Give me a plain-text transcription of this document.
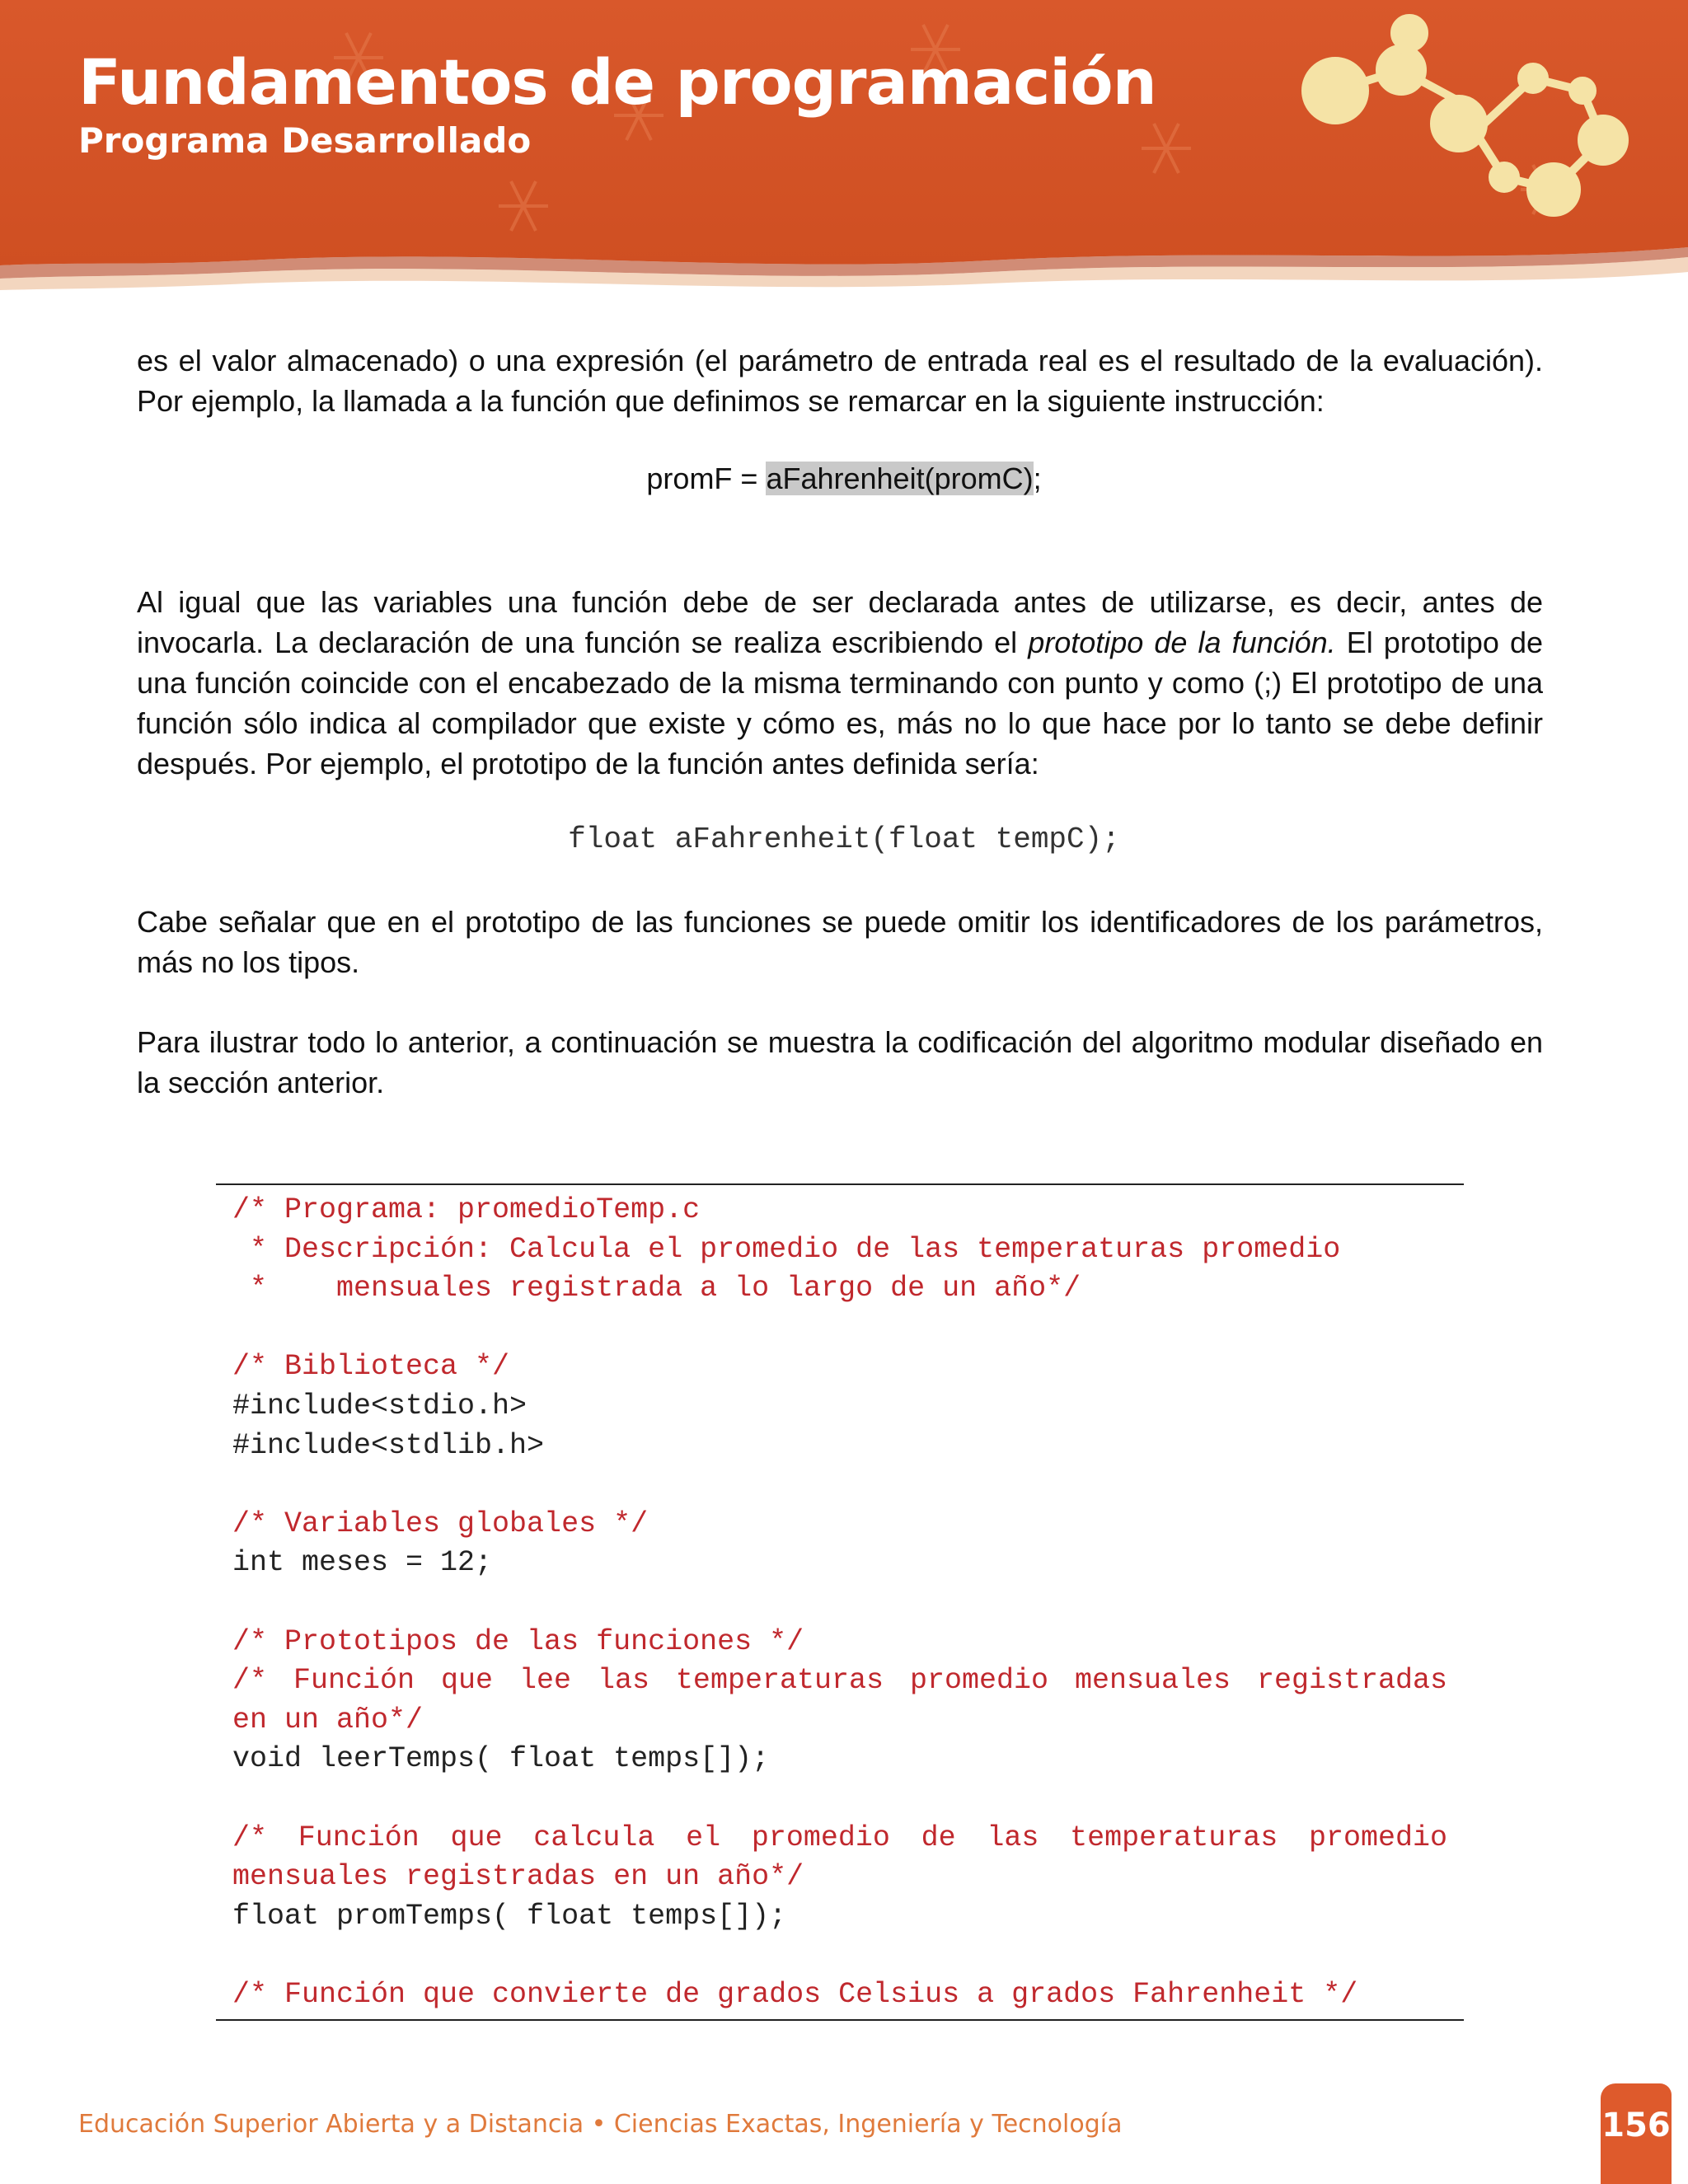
Fundamentos de programación
Programa Desarrollado

es el valor almacenado) o una expresión (el parámetro de entrada real es el resultado de la evaluación).

Por ejemplo, la llamada a la función que definimos se remarcar en la siguiente instrucción:

promF = aFahrenheit(promC);

Al igual que las variables una función debe de ser declarada antes de utilizarse, es decir, antes de invocarla. La declaración de una función se realiza escribiendo el prototipo de la función. El prototipo de una función coincide con el encabezado de la misma terminando con punto y como (;) El prototipo de una función sólo indica al compilador que existe y cómo es, más no lo que hace por lo tanto se debe definir después. Por ejemplo, el prototipo de la función antes definida sería:

float aFahrenheit(float tempC);

Cabe señalar que en el prototipo de las funciones se puede omitir los identificadores de los parámetros, más no los tipos.

Para ilustrar todo lo anterior, a continuación se muestra la codificación del algoritmo modular diseñado en la sección anterior.

/* Programa: promedioTemp.c
* Descripción: Calcula el promedio de las temperaturas promedio
*    mensuales registrada a lo largo de un año*/
/* Biblioteca */
#include<stdio.h>
#include<stdlib.h>
/* Variables globales */
int meses = 12;
/* Prototipos de las funciones */
/* Función que lee las temperaturas promedio mensuales registradas
en un año*/
void leerTemps( float temps[]);
/* Función que calcula el promedio de las temperaturas promedio
mensuales registradas en un año*/
float promTemps( float temps[]);
/* Función que convierte de grados Celsius a grados Fahrenheit */
Educación Superior Abierta y a Distancia • Ciencias Exactas, Ingeniería y Tecnología	156
